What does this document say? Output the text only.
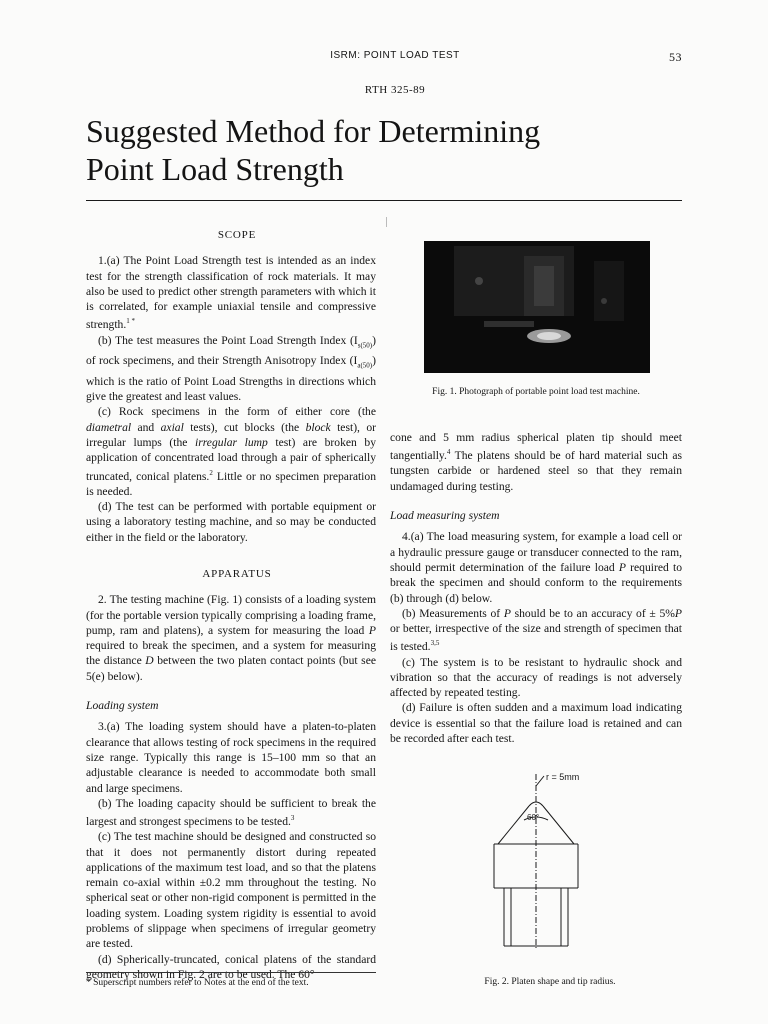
ISRM: POINT LOAD TEST	53
RTH 325-89
Suggested Method for Determining
Point Load Strength

SCOPE

1.(a) The Point Load Strength test is intended as an index test for the strength classification of rock materials. It may also be used to predict other strength parameters with which it is correlated, for example uniaxial tensile and compressive strength.$^{1 *}$

(b) The test measures the Point Load Strength Index $(I_{s(50)})$ of rock specimens, and their Strength Anisotropy Index $(I_{a(50)})$ which is the ratio of Point Load Strengths in directions which give the greatest and least values.

(c) Rock specimens in the form of either core (the diametral and axial tests), cut blocks (the block test), or irregular lumps (the irregular lump test) are broken by application of concentrated load through a pair of spherically truncated, conical platens.$^2$ Little or no specimen preparation is needed.

(d) The test can be performed with portable equipment or using a laboratory testing machine, and so may be conducted either in the field or the laboratory.

APPARATUS

2. The testing machine (Fig. 1) consists of a loading system (for the portable version typically comprising a loading frame, pump, ram and platens), a system for measuring the load P required to break the specimen, and a system for measuring the distance D between the two platen contact points (but see 5(e) below).

Loading system

3.(a) The loading system should have a platen-to-platen clearance that allows testing of rock specimens in the required size range. Typically this range is 15–100 mm so that an adjustable clearance is needed to accommodate both small and large specimens.

(b) The loading capacity should be sufficient to break the largest and strongest specimens to be tested.$^3$

(c) The test machine should be designed and constructed so that it does not permanently distort during repeated applications of the maximum test load, and so that the platens remain co-axial within ±0.2 mm throughout the testing. No spherical seat or other non-rigid component is permitted in the loading system. Loading system rigidity is essential to avoid problems of slippage when specimens of irregular geometry are tested.

(d) Spherically-truncated, conical platens of the standard geometry shown in Fig. 2 are to be used. The 60°

Fig. 1. Photograph of portable point load test machine.

cone and 5 mm radius spherical platen tip should meet tangentially.$^4$ The platens should be of hard material such as tungsten carbide or hardened steel so that they remain undamaged during testing.

Load measuring system

4.(a) The load measuring system, for example a load cell or a hydraulic pressure gauge or transducer connected to the ram, should permit determination of the failure load P required to break the specimen and should conform to the requirements (b) through (d) below.

(b) Measurements of P should be to an accuracy of ± 5%P or better, irrespective of the size and strength of specimen that is tested.$^{3,5}$

(c) The system is to be resistant to hydraulic shock and vibration so that the accuracy of readings is not adversely affected by repeated testing.

(d) Failure is often sudden and a maximum load indicating device is essential so that the failure load is retained and can be recorded after each test.

r = 5mm
60°
Fig. 2. Platen shape and tip radius.
* Superscript numbers refer to Notes at the end of the text.
